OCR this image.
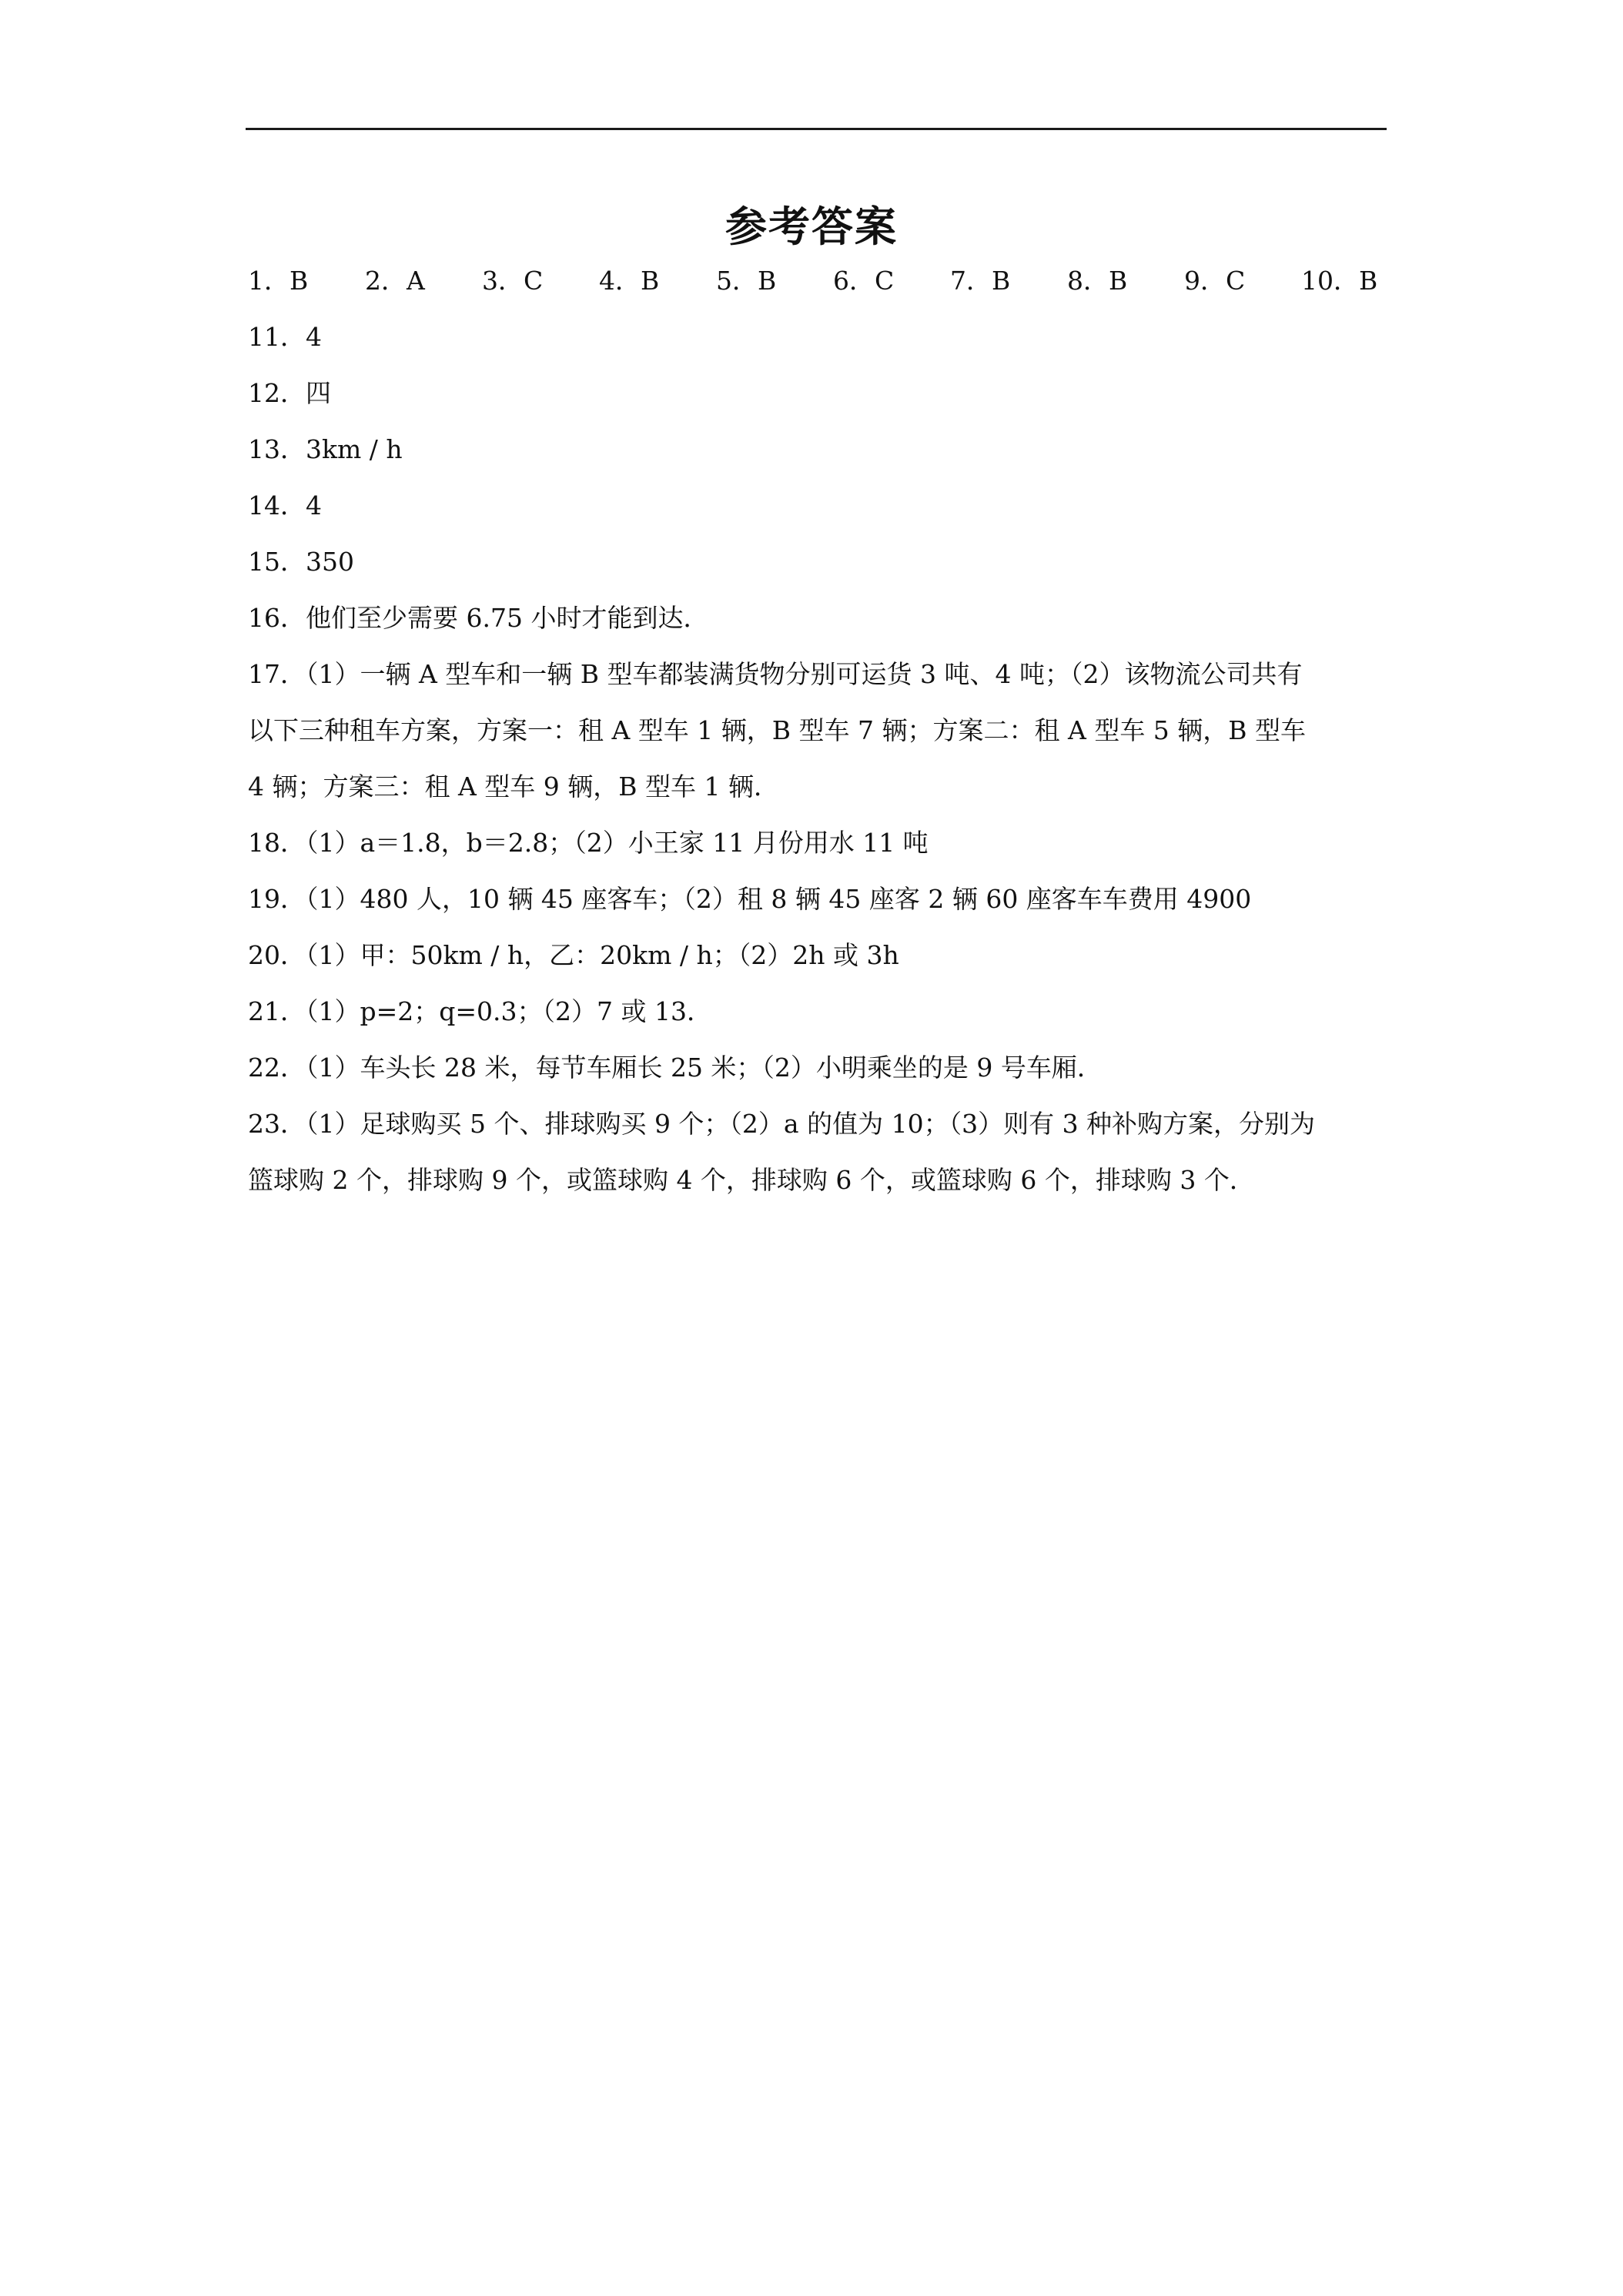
参考答案
1 ． B	2 ． A	3 ． C	4 ． B	5 ． B	6 ． C	7 ． B	8 ． B	9 ． C	10 ． B
11．4
12．四
13．3km / h
14．4
15．350
16．他们至少需要 6.75 小时才能到达．
17．（1）一辆 A 型车和一辆 B 型车都装满货物分别可运货 3 吨、4 吨；（2）该物流公司共有
以下三种租车方案，方案一：租 A 型车 1 辆，B 型车 7 辆；方案二：租 A 型车 5 辆，B 型车
4 辆；方案三：租 A 型车 9 辆，B 型车 1 辆．
18．（1）a＝1.8，b＝2.8；（2）小王家 11 月份用水 11 吨
19．（1）480 人，10 辆 45 座客车；（2）租 8 辆 45 座客 2 辆 60 座客车车费用 4900
20．（1）甲：50km / h，乙：20km / h；（2）2h 或 3h
21．（1）p=2；q=0.3；（2）7 或 13．
22．（1）车头长 28 米，每节车厢长 25 米；（2）小明乘坐的是 9 号车厢．
23．（1）足球购买 5 个、排球购买 9 个；（2）a 的值为 10；（3）则有 3 种补购方案，分别为
篮球购 2 个，排球购 9 个，或篮球购 4 个，排球购 6 个，或篮球购 6 个，排球购 3 个．
